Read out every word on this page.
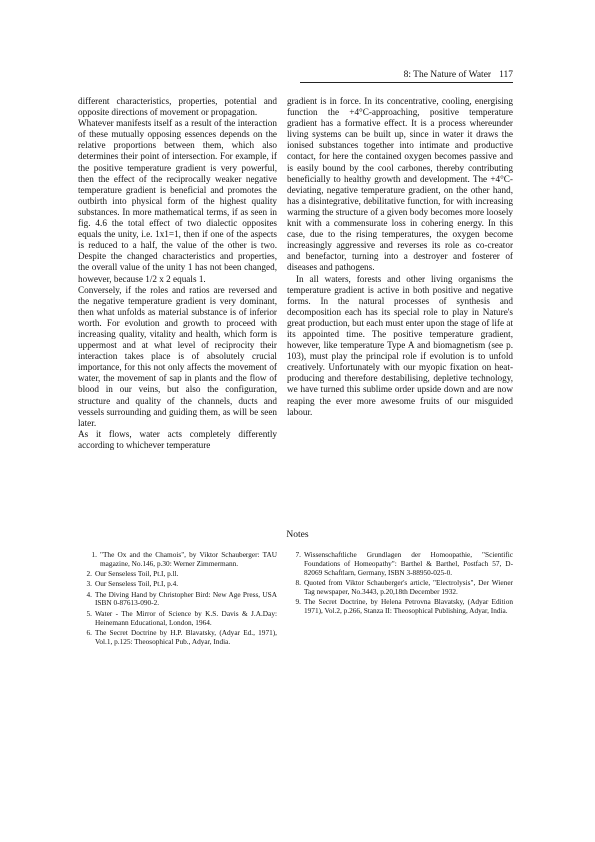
8: The Nature of Water 117

different characteristics, properties, potential and opposite directions of movement or propagation.

Whatever manifests itself as a result of the interaction of these mutually opposing essences depends on the relative proportions between them, which also determines their point of intersection. For example, if the positive temperature gradient is very powerful, then the effect of the reciprocally weaker negative temperature gradient is beneficial and promotes the outbirth into physical form of the highest quality substances. In more mathematical terms, if as seen in fig. 4.6 the total effect of two dialectic opposites equals the unity, i.e. 1x1=1, then if one of the aspects is reduced to a half, the value of the other is two. Despite the changed characteristics and properties, the overall value of the unity 1 has not been changed, however, because 1/2 x 2 equals 1.

Conversely, if the roles and ratios are reversed and the negative temperature gradient is very dominant, then what unfolds as material substance is of inferior worth. For evolution and growth to proceed with increasing quality, vitality and health, which form is uppermost and at what level of reciprocity their interaction takes place is of absolutely crucial importance, for this not only affects the movement of water, the movement of sap in plants and the flow of blood in our veins, but also the configuration, structure and quality of the channels, ducts and vessels surrounding and guiding them, as will be seen later.

As it flows, water acts completely differently according to whichever temperature

gradient is in force. In its concentrative, cooling, energising function the +4°C-approaching, positive temperature gradient has a formative effect. It is a process whereunder living systems can be built up, since in water it draws the ionised substances together into intimate and productive contact, for here the contained oxygen becomes passive and is easily bound by the cool carbones, thereby contributing beneficially to healthy growth and development. The +4°C-deviating, negative temperature gradient, on the other hand, has a disintegrative, debilitative function, for with increasing warming the structure of a given body becomes more loosely knit with a commensurate loss in cohering energy. In this case, due to the rising temperatures, the oxygen become increasingly aggressive and reverses its role as co-creator and benefactor, turning into a destroyer and fosterer of diseases and pathogens.

In all waters, forests and other living organisms the temperature gradient is active in both positive and negative forms. In the natural processes of synthesis and decomposition each has its special role to play in Nature's great production, but each must enter upon the stage of life at its appointed time. The positive temperature gradient, however, like temperature Type A and biomagnetism (see p. 103), must play the principal role if evolution is to unfold creatively. Unfortunately with our myopic fixation on heat-producing and therefore destabilising, depletive technology, we have turned this sublime order upside down and are now reaping the ever more awesome fruits of our misguided labour.

Notes
1. "The Ox and the Chamois", by Viktor Schauberger: TAU magazine, No.146, p.30: Werner Zimmermann.
2. Our Senseless Toil, Pt.I, p.ll.
3. Our Senseless Toil, Pt.I, p.4.
4. The Diving Hand by Christopher Bird: New Age Press, USA ISBN 0-87613-090-2.
5. Water - The Mirror of Science by K.S. Davis & J.A.Day: Heinemann Educational, London, 1964.
6. The Secret Doctrine by H.P. Blavatsky, (Adyar Ed., 1971), Vol.1, p.125: Theosophical Pub., Adyar, India.
7. Wissenschaftliche Grundlagen der Homoopathie, "Scientific Foundations of Homeopathy": Barthel & Barthel, Postfach 57, D-82069 Schaftlarn, Germany, ISBN 3-88950-025-0.
8. Quoted from Viktor Schauberger's article, "Electrolysis", Der Wiener Tag newspaper, No.3443, p.20,18th December 1932.
9. The Secret Doctrine, by Helena Petrovna Blavatsky, (Adyar Edition 1971), Vol.2, p.266, Stanza II: Theosophical Publishing, Adyar, India.
